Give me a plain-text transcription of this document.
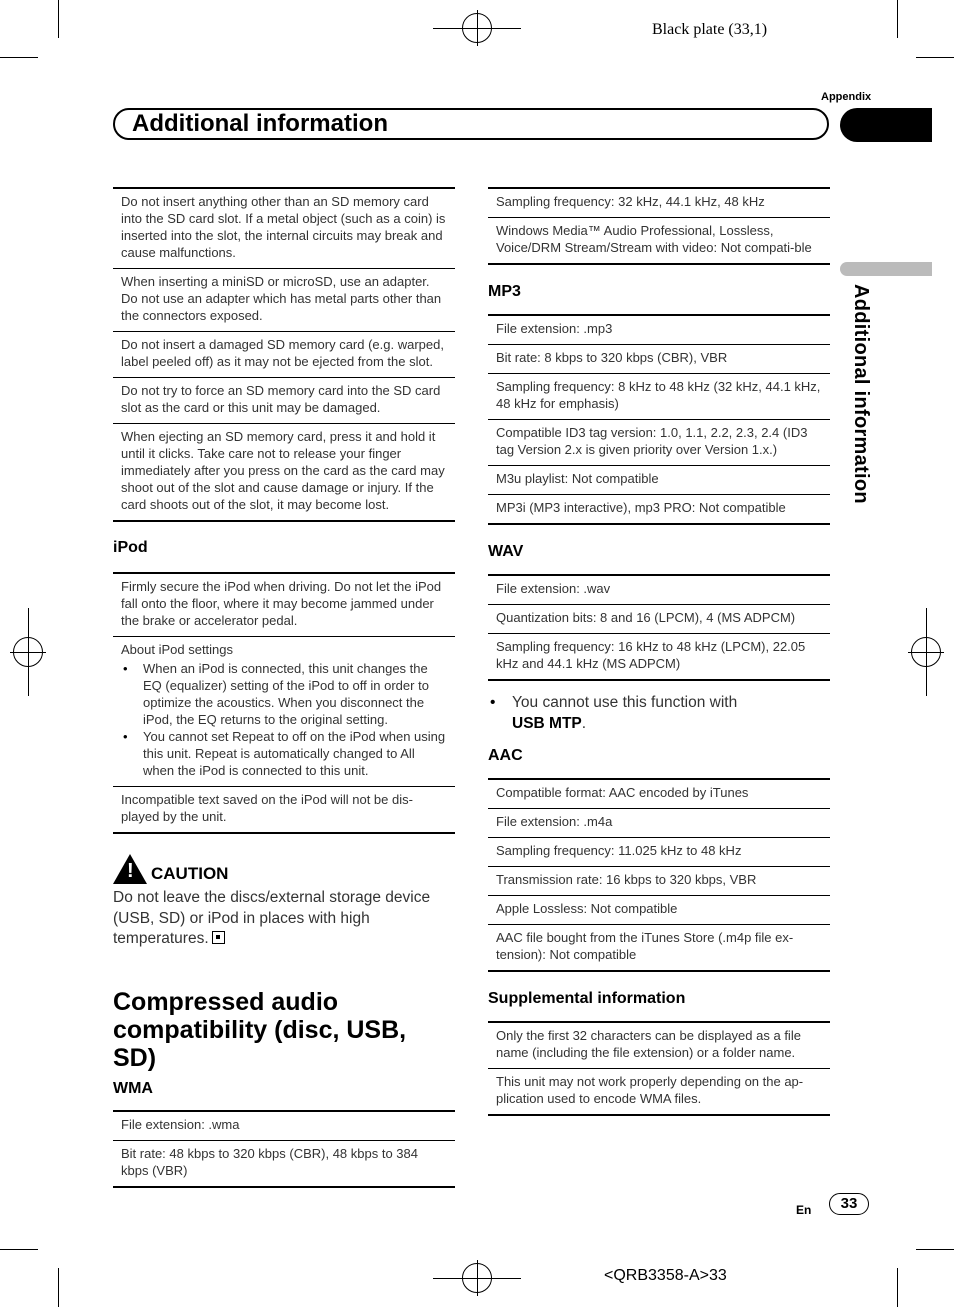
Black plate (33,1)
Appendix
Additional information
Additional information
Do not insert anything other than an SD memory card into the SD card slot. If a metal object (such as a coin) is inserted into the slot, the internal circuits may break and cause malfunctions.
When inserting a miniSD or microSD, use an adapter. Do not use an adapter which has metal parts other than the connectors exposed.
Do not insert a damaged SD memory card (e.g. warped, label peeled off) as it may not be ejected from the slot.
Do not try to force an SD memory card into the SD card slot as the card or this unit may be damaged.
When ejecting an SD memory card, press it and hold it until it clicks. Take care not to release your finger immediately after you press on the card as the card may shoot out of the slot and cause damage or injury. If the card shoots out of the slot, it may become lost.
iPod
Firmly secure the iPod when driving. Do not let the iPod fall onto the floor, where it may become jammed under the brake or accelerator pedal.
About iPod settings
• When an iPod is connected, this unit changes the EQ (equalizer) setting of the iPod to off in order to optimize the acoustics. When you disconnect the iPod, the EQ returns to the original setting.
• You cannot set Repeat to off on the iPod when using this unit. Repeat is automatically changed to All when the iPod is connected to this unit.
Incompatible text saved on the iPod will not be dis-played by the unit.
! CAUTION
Do not leave the discs/external storage device (USB, SD) or iPod in places with high temperatures.
Compressed audio compatibility (disc, USB, SD)
WMA
File extension: .wma
Bit rate: 48 kbps to 320 kbps (CBR), 48 kbps to 384 kbps (VBR)
Sampling frequency: 32 kHz, 44.1 kHz, 48 kHz
Windows Media™ Audio Professional, Lossless, Voice/DRM Stream/Stream with video: Not compati-ble
MP3
File extension: .mp3
Bit rate: 8 kbps to 320 kbps (CBR), VBR
Sampling frequency: 8 kHz to 48 kHz (32 kHz, 44.1 kHz, 48 kHz for emphasis)
Compatible ID3 tag version: 1.0, 1.1, 2.2, 2.3, 2.4 (ID3 tag Version 2.x is given priority over Version 1.x.)
M3u playlist: Not compatible
MP3i (MP3 interactive), mp3 PRO: Not compatible
WAV
File extension: .wav
Quantization bits: 8 and 16 (LPCM), 4 (MS ADPCM)
Sampling frequency: 16 kHz to 48 kHz (LPCM), 22.05 kHz and 44.1 kHz (MS ADPCM)
• You cannot use this function with
USB MTP.
AAC
Compatible format: AAC encoded by iTunes
File extension: .m4a
Sampling frequency: 11.025 kHz to 48 kHz
Transmission rate: 16 kbps to 320 kbps, VBR
Apple Lossless: Not compatible
AAC file bought from the iTunes Store (.m4p file ex-tension): Not compatible
Supplemental information
Only the first 32 characters can be displayed as a file name (including the file extension) or a folder name.
This unit may not work properly depending on the ap-plication used to encode WMA files.
En	33
<QRB3358-A>33
